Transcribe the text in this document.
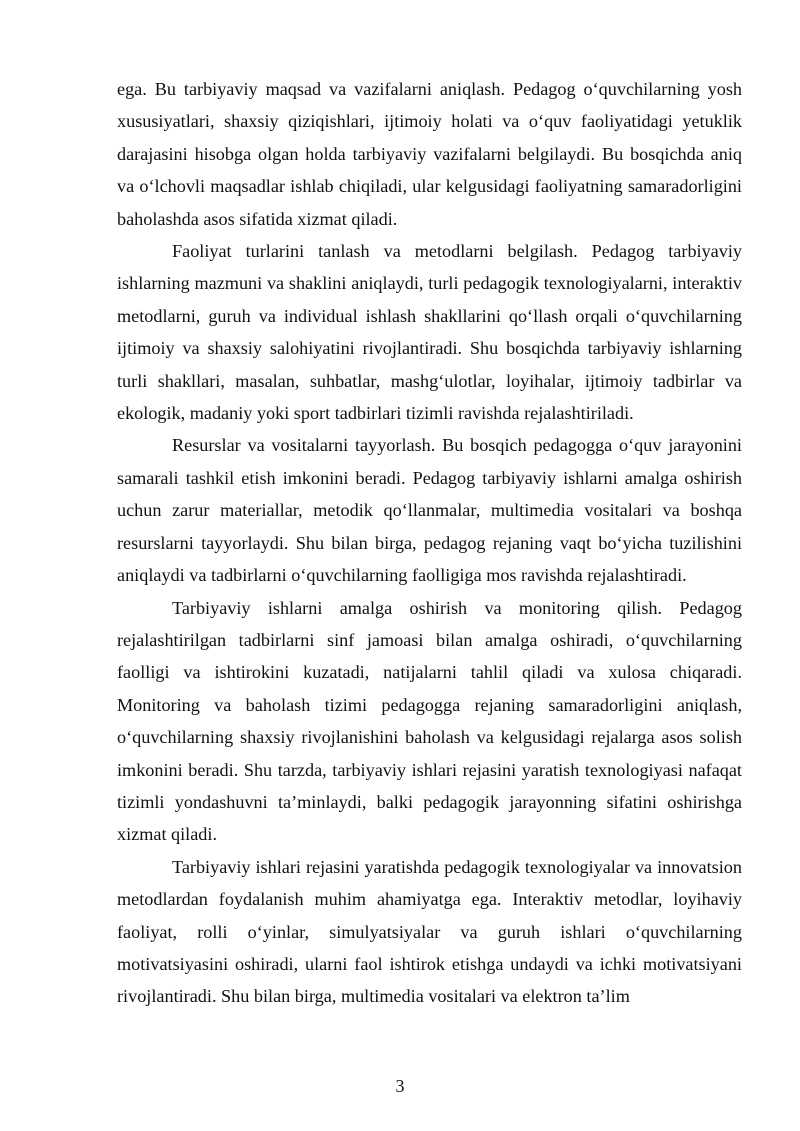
ega. Bu tarbiyaviy maqsad va vazifalarni aniqlash. Pedagog o‘quvchilarning yosh xususiyatlari, shaxsiy qiziqishlari, ijtimoiy holati va o‘quv faoliyatidagi yetuklik darajasini hisobga olgan holda tarbiyaviy vazifalarni belgilaydi. Bu bosqichda aniq va o‘lchovli maqsadlar ishlab chiqiladi, ular kelgusidagi faoliyatning samaradorligini baholashda asos sifatida xizmat qiladi.

Faoliyat turlarini tanlash va metodlarni belgilash. Pedagog tarbiyaviy ishlarning mazmuni va shaklini aniqlaydi, turli pedagogik texnologiyalarni, interaktiv metodlarni, guruh va individual ishlash shakllarini qo‘llash orqali o‘quvchilarning ijtimoiy va shaxsiy salohiyatini rivojlantiradi. Shu bosqichda tarbiyaviy ishlarning turli shakllari, masalan, suhbatlar, mashg‘ulotlar, loyihalar, ijtimoiy tadbirlar va ekologik, madaniy yoki sport tadbirlari tizimli ravishda rejalashtiriladi.

Resurslar va vositalarni tayyorlash. Bu bosqich pedagogga o‘quv jarayonini samarali tashkil etish imkonini beradi. Pedagog tarbiyaviy ishlarni amalga oshirish uchun zarur materiallar, metodik qo‘llanmalar, multimedia vositalari va boshqa resurslarni tayyorlaydi. Shu bilan birga, pedagog rejaning vaqt bo‘yicha tuzilishini aniqlaydi va tadbirlarni o‘quvchilarning faolligiga mos ravishda rejalashtiradi.

Tarbiyaviy ishlarni amalga oshirish va monitoring qilish. Pedagog rejalashtirilgan tadbirlarni sinf jamoasi bilan amalga oshiradi, o‘quvchilarning faolligi va ishtirokini kuzatadi, natijalarni tahlil qiladi va xulosa chiqaradi. Monitoring va baholash tizimi pedagogga rejaning samaradorligini aniqlash, o‘quvchilarning shaxsiy rivojlanishini baholash va kelgusidagi rejalarga asos solish imkonini beradi. Shu tarzda, tarbiyaviy ishlari rejasini yaratish texnologiyasi nafaqat tizimli yondashuvni ta’minlaydi, balki pedagogik jarayonning sifatini oshirishga xizmat qiladi.

Tarbiyaviy ishlari rejasini yaratishda pedagogik texnologiyalar va innovatsion metodlardan foydalanish muhim ahamiyatga ega. Interaktiv metodlar, loyihaviy faoliyat, rolli o‘yinlar, simulyatsiyalar va guruh ishlari o‘quvchilarning motivatsiyasini oshiradi, ularni faol ishtirok etishga undaydi va ichki motivatsiyani rivojlantiradi. Shu bilan birga, multimedia vositalari va elektron ta’lim

3
